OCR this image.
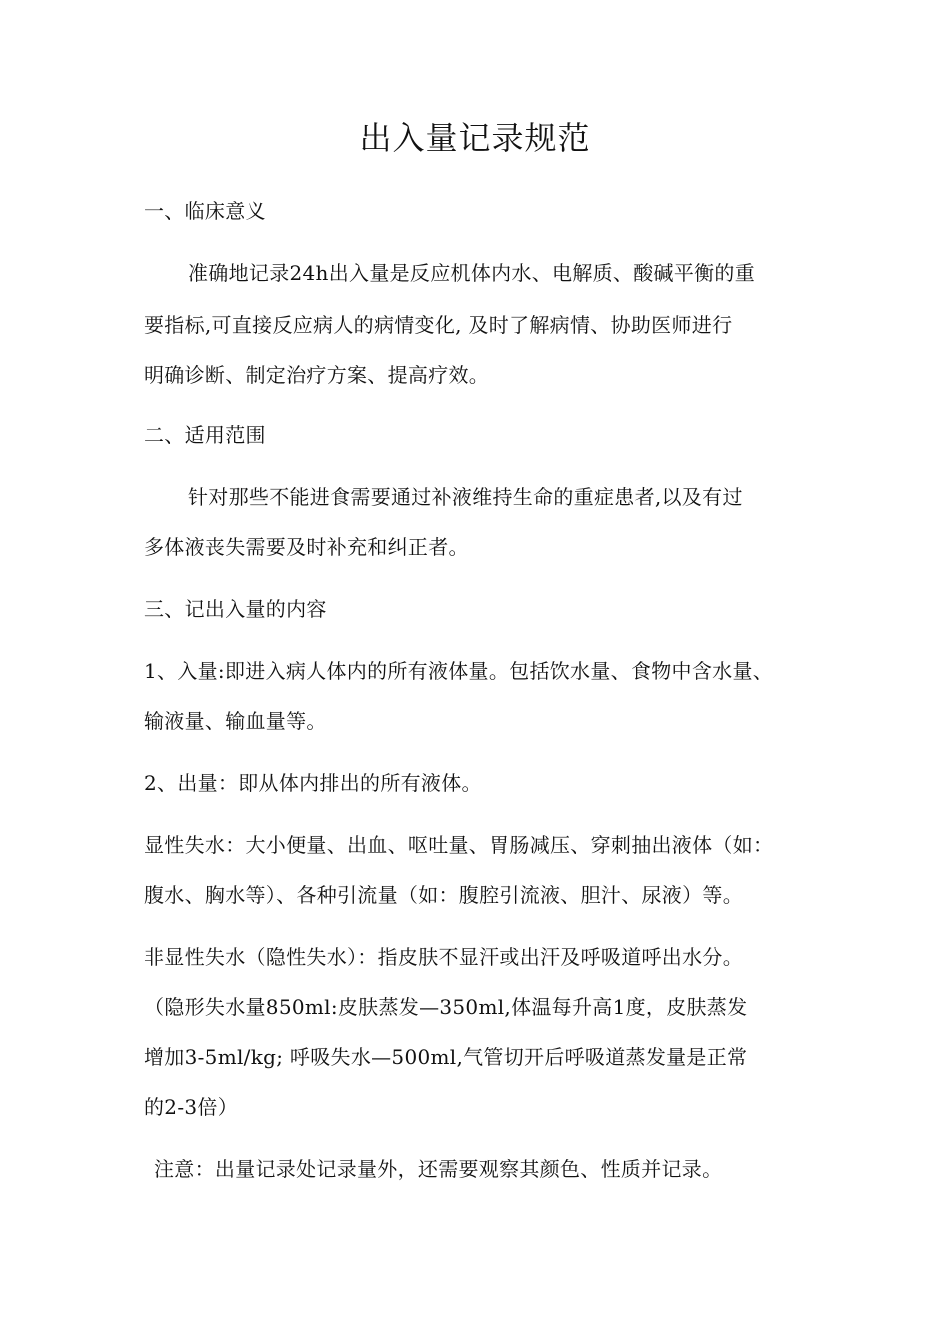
出入量记录规范
一、临床意义
准确地记录24h出入量是反应机体内水、电解质、酸碱平衡的重
要指标,可直接反应病人的病情变化, 及时了解病情、协助医师进行
明确诊断、制定治疗方案、提高疗效。
二、适用范围
针对那些不能进食需要通过补液维持生命的重症患者,以及有过
多体液丧失需要及时补充和纠正者。
三、记出入量的内容
1、入量:即进入病人体内的所有液体量。包括饮水量、食物中含水量、
输液量、输血量等。
2、出量：即从体内排出的所有液体。
显性失水：大小便量、出血、呕吐量、胃肠减压、穿刺抽出液体（如：
腹水、胸水等）、各种引流量（如：腹腔引流液、胆汁、尿液）等。
非显性失水（隐性失水）：指皮肤不显汗或出汗及呼吸道呼出水分。
（隐形失水量850ml:皮肤蒸发—350ml,体温每升高1度，皮肤蒸发
增加3-5ml/kg; 呼吸失水—500ml,气管切开后呼吸道蒸发量是正常
的2-3倍）
注意：出量记录处记录量外，还需要观察其颜色、性质并记录。
